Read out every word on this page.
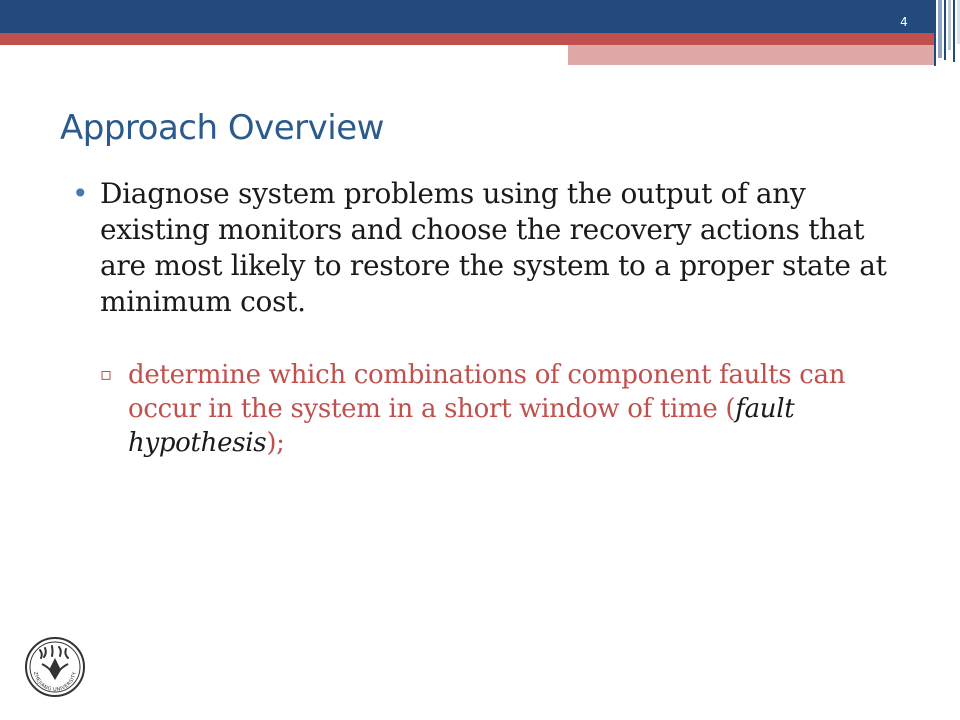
4
Approach Overview
• Diagnose system problems using the output of any existing monitors and choose the recovery actions that are most likely to restore the system to a proper state at minimum cost.
▫ determine which combinations of component faults can occur in the system in a short window of time (fault hypothesis);
ZHEJIANG UNIVERSITY
